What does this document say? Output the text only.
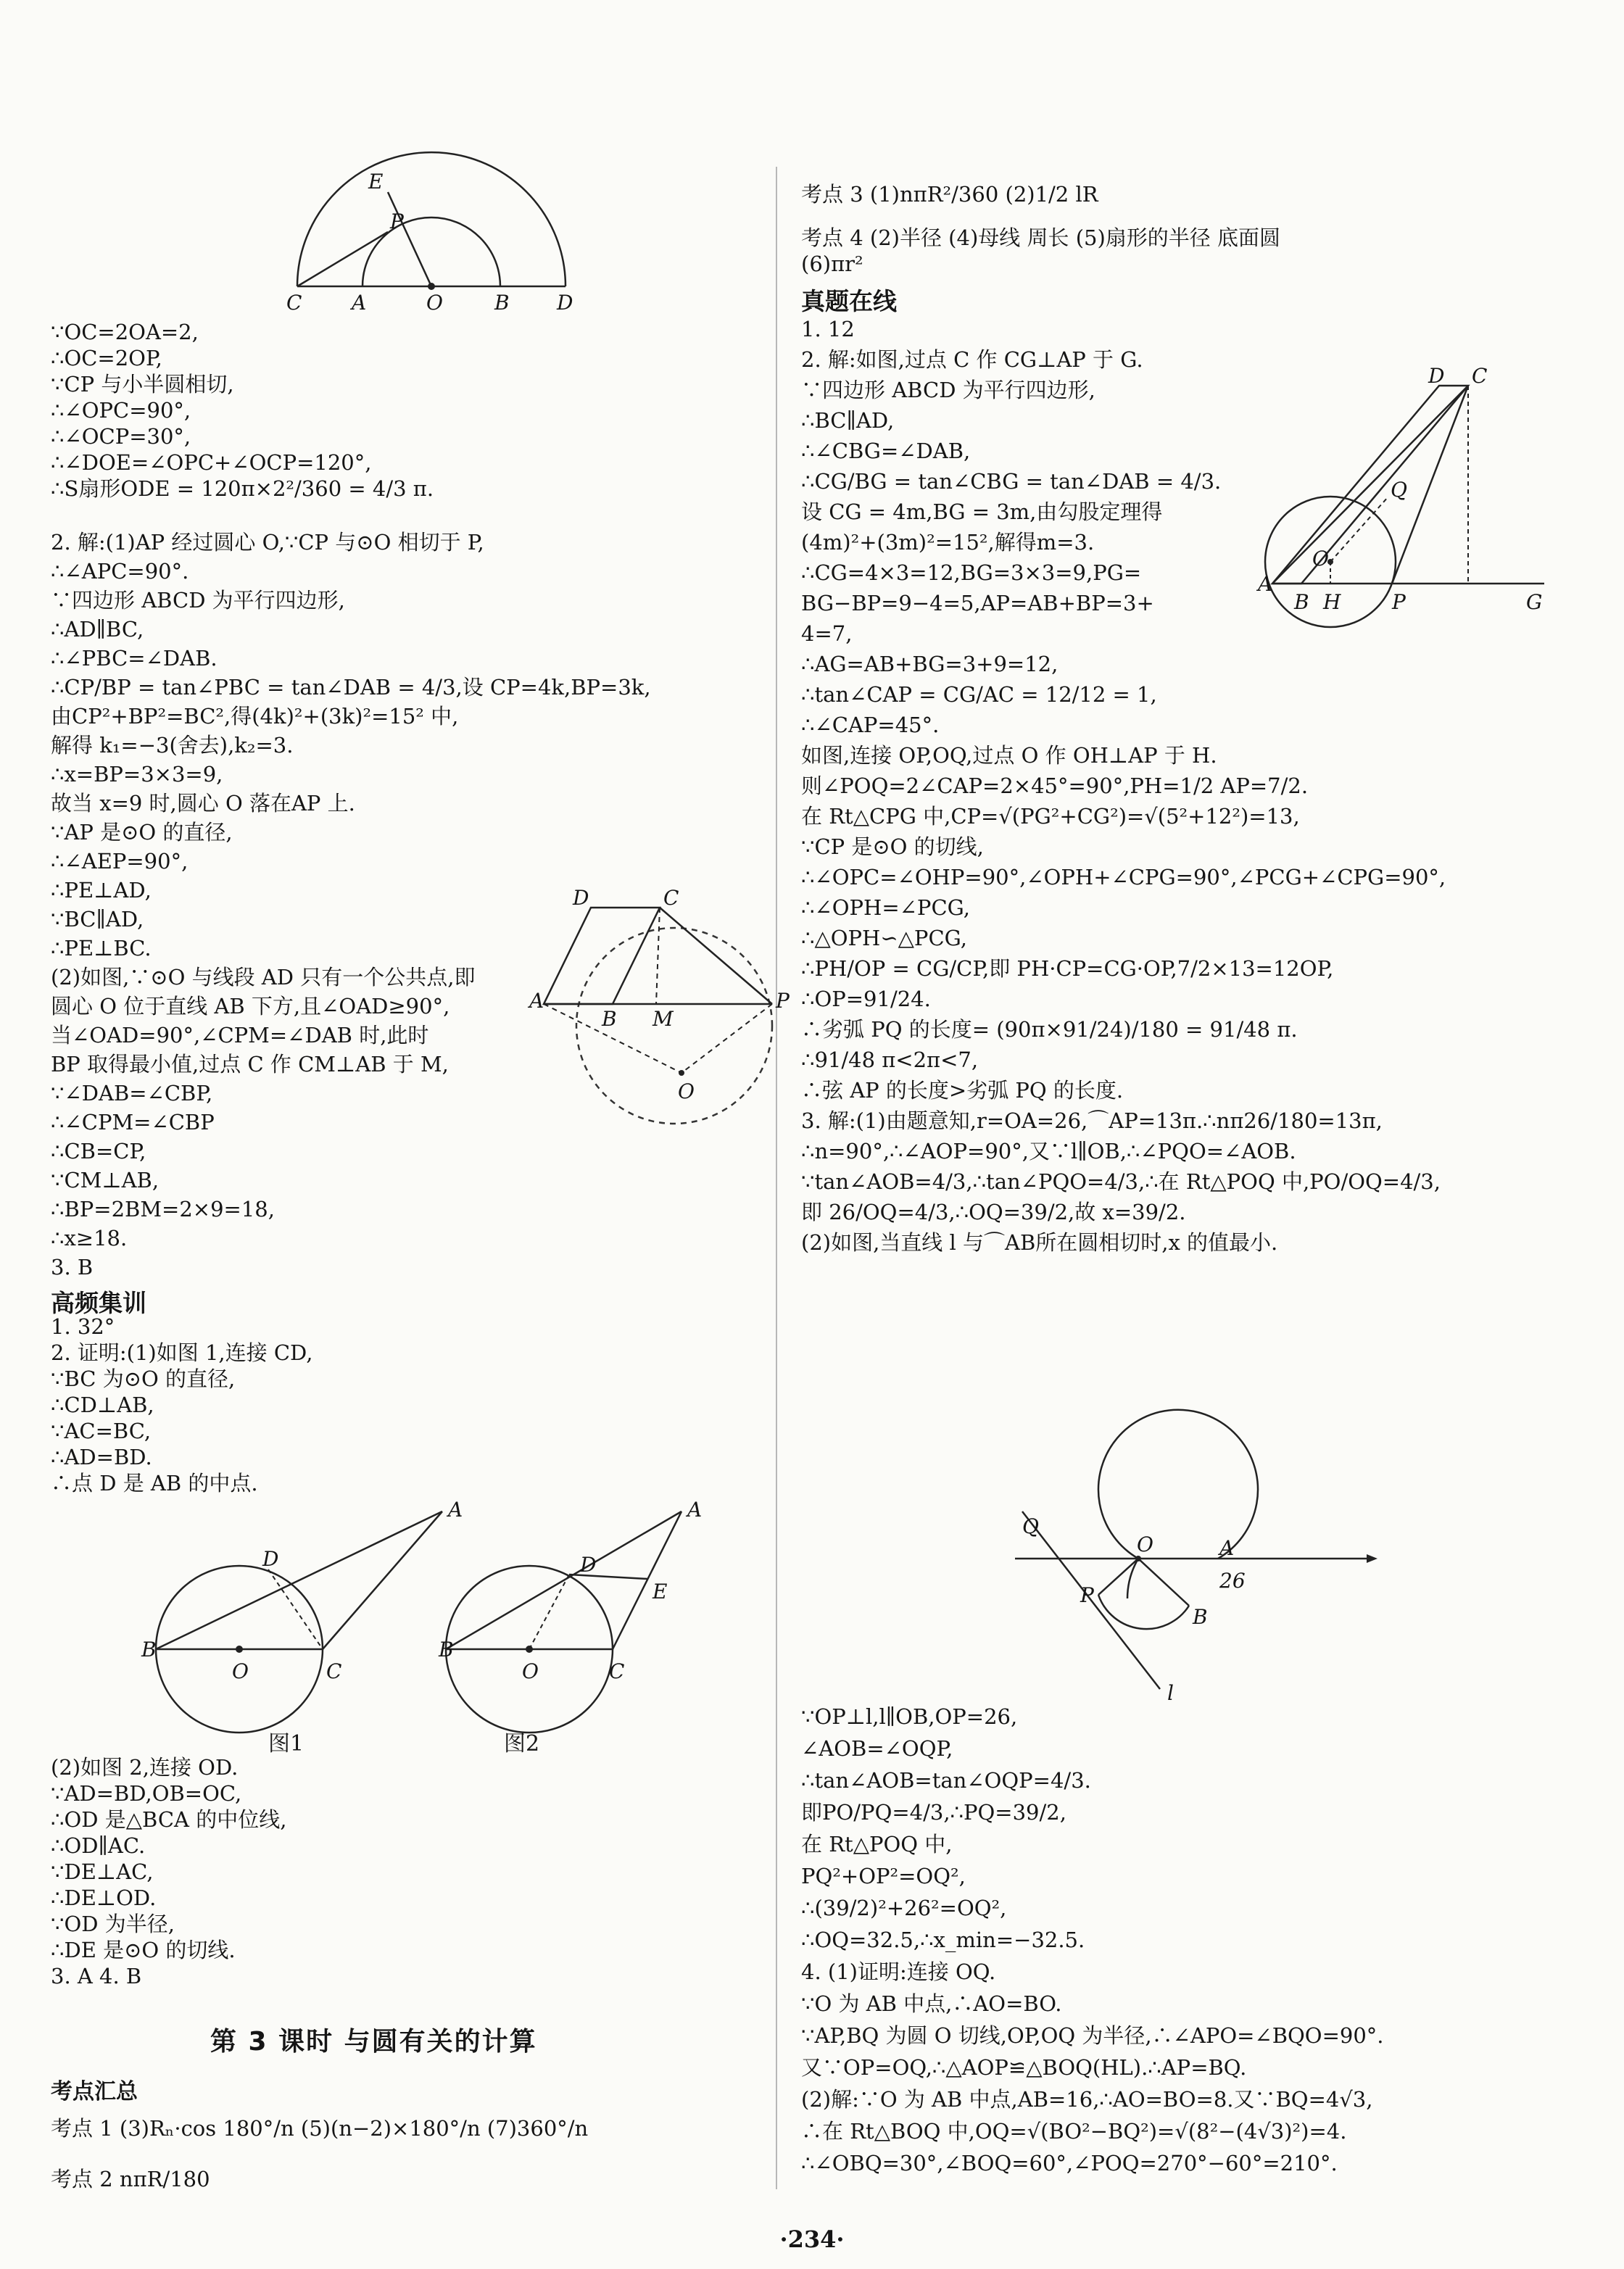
E
P
C A	O	B D
∵OC=2OA=2,
∴OC=2OP,
∵CP 与小半圆相切,
∴∠OPC=90°,
∴∠OCP=30°,
∴∠DOE=∠OPC+∠OCP=120°,
∴S扇形ODE = 120π×2²/360 = 4/3 π.
2. 解:(1)AP 经过圆心 O,∵CP 与⊙O 相切于 P,
∴∠APC=90°.
∵四边形 ABCD 为平行四边形,
∴AD∥BC,
∴∠PBC=∠DAB.
∴CP/BP = tan∠PBC = tan∠DAB = 4/3,设 CP=4k,BP=3k,
由CP²+BP²=BC²,得(4k)²+(3k)²=15² 中,
解得 k₁=−3(舍去),k₂=3.
∴x=BP=3×3=9,
故当 x=9 时,圆心 O 落在AP 上.
∵AP 是⊙O 的直径,
∴∠AEP=90°,
∴PE⊥AD,
∵BC∥AD,
∴PE⊥BC.
(2)如图,∵⊙O 与线段 AD 只有一个公共点,即
圆心 O 位于直线 AB 下方,且∠OAD≥90°,
当∠OAD=90°,∠CPM=∠DAB 时,此时
BP 取得最小值,过点 C 作 CM⊥AB 于 M,
∵∠DAB=∠CBP,
∴∠CPM=∠CBP
∴CB=CP,
∵CM⊥AB,
∴BP=2BM=2×9=18,
∴x≥18.
3. B
D	C
A
B M
P
O
高频集训
1. 32°
2. 证明:(1)如图 1,连接 CD,
∵BC 为⊙O 的直径,
∴CD⊥AB,
∵AC=BC,
∴AD=BD.
∴点 D 是 AB 的中点.
B
O	C
D
A
图1
D
A
E
O	C
B
图2
(2)如图 2,连接 OD.
∵AD=BD,OB=OC,
∴OD 是△BCA 的中位线,
∴OD∥AC.
∵DE⊥AC,
∴DE⊥OD.
∵OD 为半径,
∴DE 是⊙O 的切线.
3. A 4. B
第 3 课时 与圆有关的计算
考点汇总
考点 1 (3)Rₙ·cos 180°/n (5)(n−2)×180°/n (7)360°/n
考点 2 nπR/180
考点 3 (1)nπR²/360 (2)1/2 lR
考点 4 (2)半径 (4)母线 周长 (5)扇形的半径 底面圆
(6)πr²
真题在线
D C
Q
O
A
B H	P	G
1. 12
2. 解:如图,过点 C 作 CG⊥AP 于 G.
∵四边形 ABCD 为平行四边形,
∴BC∥AD,
∴∠CBG=∠DAB,
∴CG/BG = tan∠CBG = tan∠DAB = 4/3.
设 CG = 4m,BG = 3m,由勾股定理得
(4m)²+(3m)²=15²,解得m=3.
∴CG=4×3=12,BG=3×3=9,PG=
BG−BP=9−4=5,AP=AB+BP=3+
4=7,
∴AG=AB+BG=3+9=12,
∴tan∠CAP = CG/AC = 12/12 = 1,
∴∠CAP=45°.
如图,连接 OP,OQ,过点 O 作 OH⊥AP 于 H.
则∠POQ=2∠CAP=2×45°=90°,PH=1/2 AP=7/2.
在 Rt△CPG 中,CP=√(PG²+CG²)=√(5²+12²)=13,
∵CP 是⊙O 的切线,
∴∠OPC=∠OHP=90°,∠OPH+∠CPG=90°,∠PCG+∠CPG=90°,
∴∠OPH=∠PCG,
∴△OPH∽△PCG,
∴PH/OP = CG/CP,即 PH·CP=CG·OP,7/2×13=12OP,
∴OP=91/24.
∴劣弧 PQ 的长度= (90π×91/24)/180 = 91/48 π.
∴91/48 π<2π<7,
∴弦 AP 的长度>劣弧 PQ 的长度.
3. 解:(1)由题意知,r=OA=26,⌒AP=13π.∴nπ26/180=13π,
∴n=90°,∴∠AOP=90°,又∵l∥OB,∴∠PQO=∠AOB.
∵tan∠AOB=4/3,∴tan∠PQO=4/3,∴在 Rt△POQ 中,PO/OQ=4/3,
即 26/OQ=4/3,∴OQ=39/2,故 x=39/2.
(2)如图,当直线 l 与⌒AB所在圆相切时,x 的值最小.
Q
O	A
26
P
B
l
∵OP⊥l,l∥OB,OP=26,
∠AOB=∠OQP,
∴tan∠AOB=tan∠OQP=4/3.
即PO/PQ=4/3,∴PQ=39/2,
在 Rt△POQ 中,
PQ²+OP²=OQ²,
∴(39/2)²+26²=OQ²,
∴OQ=32.5,∴x_min=−32.5.
4. (1)证明:连接 OQ.
∵O 为 AB 中点,∴AO=BO.
∵AP,BQ 为圆 O 切线,OP,OQ 为半径,∴∠APO=∠BQO=90°.
又∵OP=OQ,∴△AOP≌△BOQ(HL).∴AP=BQ.
(2)解:∵O 为 AB 中点,AB=16,∴AO=BO=8.又∵BQ=4√3,
∴在 Rt△BOQ 中,OQ=√(BO²−BQ²)=√(8²−(4√3)²)=4.
∴∠OBQ=30°,∠BOQ=60°,∠POQ=270°−60°=210°.
·234·
